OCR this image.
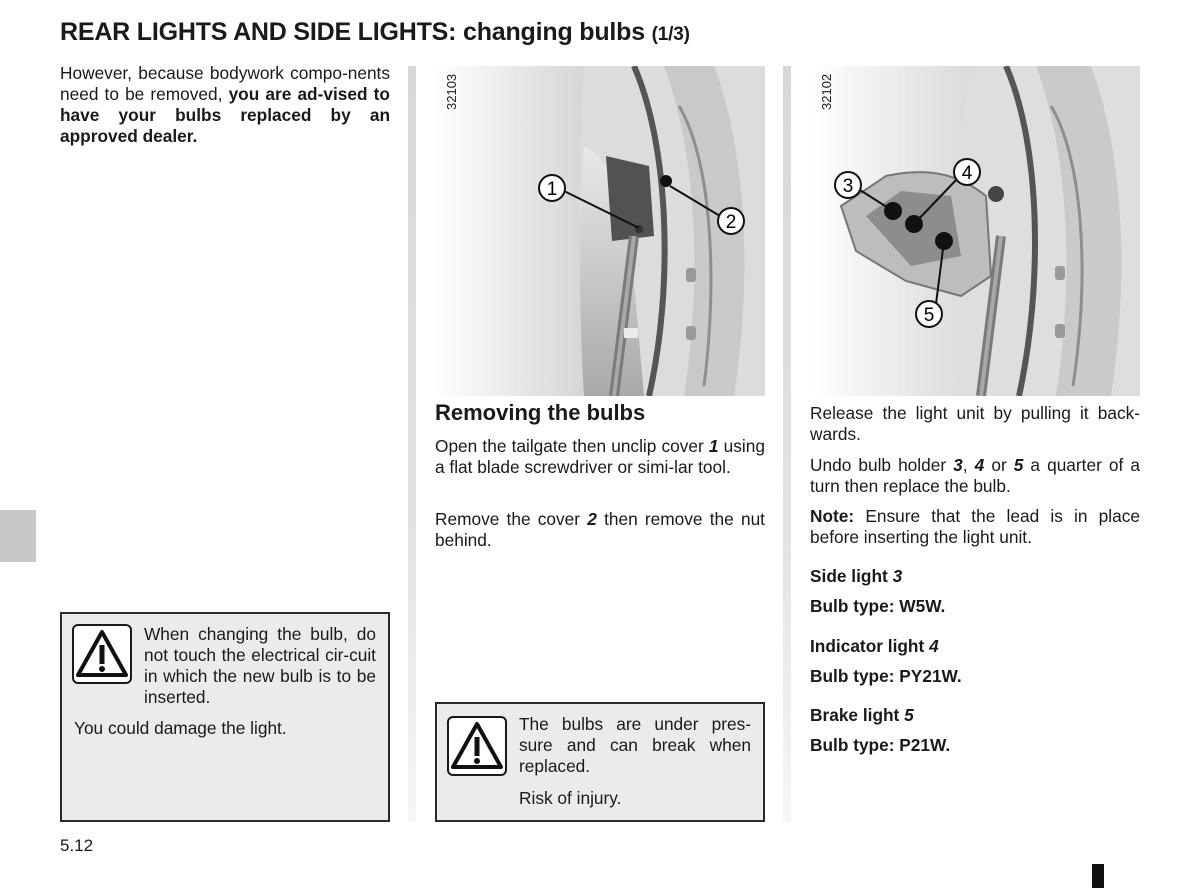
REAR LIGHTS AND SIDE LIGHTS: changing bulbs (1/3)
However, because bodywork compo-nents need to be removed, you are ad-vised to have your bulbs replaced by an approved dealer.
When changing the bulb, do not touch the electrical cir-cuit in which the new bulb is to be inserted.
You could damage the light.
1
2
32103
Removing the bulbs
Open the tailgate then unclip cover 1 using a flat blade screwdriver or simi-lar tool.
Remove the cover 2 then remove the nut behind.
The bulbs are under pres-sure and can break when replaced.
Risk of injury.
3
4
5
32102
Release the light unit by pulling it back-wards.
Undo bulb holder 3, 4 or 5 a quarter of a turn then replace the bulb.
Note: Ensure that the lead is in place before inserting the light unit.
Side light 3
Bulb type: W5W.
Indicator light 4
Bulb type: PY21W.
Brake light 5
Bulb type: P21W.
5.12
